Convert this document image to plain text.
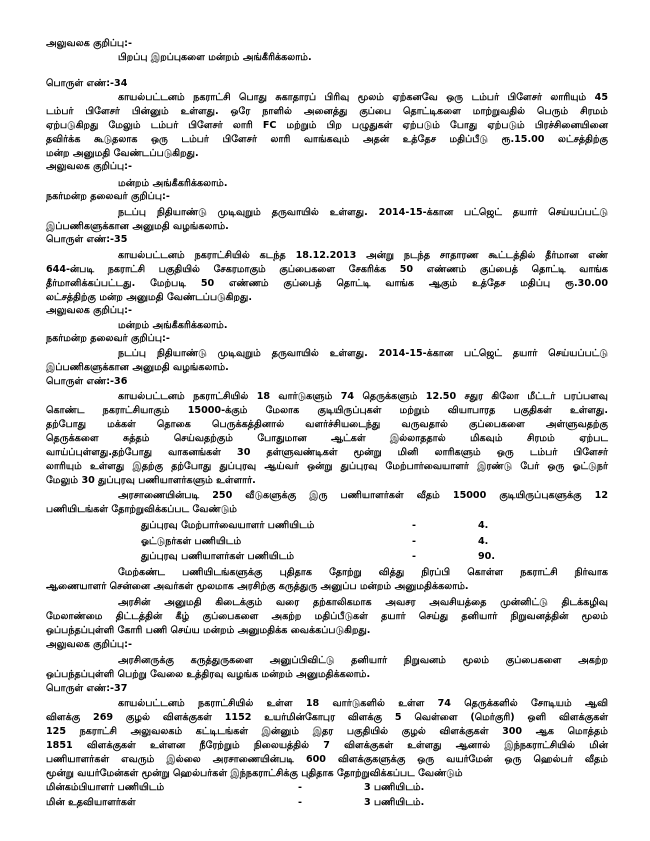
அலுவலக குறிப்பு:-
பிறப்பு இறப்புகளை மன்றம் அங்கீரிக்கலாம்.
பொருள் எண்:-34
காயல்பட்டனம் நகராட்சி பொது சுகாதாரப் பிரிவு மூலம் ஏற்கனவே ஒரு டம்பர் பிளேசர் லாரியும் 45
டம்பர் பிளேசர் பின்னும் உள்ளது. ஒரே நாளில் அனைத்து குப்பை தொட்டிகளை மாற்றுவதில் பெரும் சிரமம்
ஏற்படுகிறது மேலும் டம்பர் பிளேசர் லாரி FC மற்றும் பிற பழுதுகள் ஏற்படும் போது ஏற்படும் பிரச்சினையினை
தவிர்க்க கூடுதலாக ஒரு டம்பர் பிளேசர் லாரி வாங்கவும் அதன் உத்தேச மதிப்பீடு ரூ.15.00 லட்சத்திற்கு
மன்ற அனுமதி வேண்டப்படுகிறது.
அலுவலக குறிப்பு:-
மன்றம் அங்கீகரிக்கலாம்.
நகர்மன்ற தலைவர் குறிப்பு:-
நடப்பு நிதியாண்டு முடிவுறும் தருவாயில் உள்ளது. 2014-15-க்கான பட்ஜெட் தயார் செய்யப்பட்டு
இப்பணிகளுக்கான அனுமதி வழங்கலாம்.
பொருள் எண்:-35
காயல்பட்டனம் நகராட்சியில் கடந்த 18.12.2013 அன்று நடந்த சாதாரண கூட்டத்தில் தீர்மான எண்
644-ன்படி நகராட்சி பகுதியில் சேகரமாகும் குப்பைகளை சேகரிக்க 50 எண்ணம் குப்பைத் தொட்டி வாங்க
தீர்மானிக்கப்பட்டது. மேற்படி 50 எண்ணம் குப்பைத் தொட்டி வாங்க ஆகும் உத்தேச மதிப்பு ரூ.30.00
லட்சத்திற்கு மன்ற அனுமதி வேண்டப்படுகிறது.
அலுவலக குறிப்பு:-
மன்றம் அங்கீகரிக்கலாம்.
நகர்மன்ற தலைவர் குறிப்பு:-
நடப்பு நிதியாண்டு முடிவுறும் தருவாயில் உள்ளது. 2014-15-க்கான பட்ஜெட் தயார் செய்யப்பட்டு
இப்பணிகளுக்கான அனுமதி வழங்கலாம்.
பொருள் எண்:-36
காயல்பட்டனம் நகராட்சியில் 18 வார்டுகளும் 74 தெருக்களும் 12.50 சதுர கிலோ மீட்டர் பரப்பளவு
கொண்ட நகராட்சியாகும் 15000-க்கும் மேலாக குடியிருப்புகள் மற்றும் வியாபாரத பகுதிகள் உள்ளது.
தற்போது மக்கள் தொகை பெருக்கத்தினால் வளர்ச்சியடைந்து வருவதால் குப்பைகளை அள்ளுவதற்கு
தெருக்களை சுத்தம் செய்வதற்கும் போதுமான ஆட்கள் இல்லாததால் மிகவும் சிரமம் ஏற்பட
வாய்ப்புள்ளது.தற்போது வாகனங்கள் 30 தள்ளுவண்டிகள் மூன்று மினி லாரிகளும் ஒரு டம்பர் பிளேசர்
லாரியும் உள்ளது இதற்கு தற்போது துப்புரவு ஆய்வர் ஒன்று துப்புரவு மேற்பார்வையாளர் இரண்டு பேர் ஒரு ஓட்டுநர்
மேலும் 30 துப்புரவு பணியாளர்களும் உள்ளார்.
அரசாணையின்படி 250 வீடுகளுக்கு இரு பணியாளர்கள் வீதம் 15000 குடியிருப்புகளுக்கு 12
பணியிடங்கள் தோற்றுவிக்கப்பட வேண்டும்
துப்புரவு மேற்பார்வையாளர் பணியிடம்	-	4.
ஓட்டுநர்கள் பணியிடம்	-	4.
துப்புரவு பணியாளர்கள் பணியிடம்	-	90.
மேற்கண்ட பணியிடங்களுக்கு புதிதாக தோற்று வித்து நிரப்பி கொள்ள நகராட்சி நிர்வாக
ஆணையாளர் சென்னை அவர்கள் மூலமாக அரசிற்கு கருத்துரு அனுப்ப மன்றம் அனுமதிக்கலாம்.
அரசின் அனுமதி கிடைக்கும் வரை தற்காலிகமாக அவசர அவசியத்தை முன்னிட்டு திடக்கழிவு
மேலாண்மை திட்டத்தின் கீழ் குப்பைகளை அகற்ற மதிப்பீடுகள் தயார் செய்து தனியார் நிறுவனத்தின் மூலம்
ஒப்பந்தப்புள்ளி கோரி பணி செய்ய மன்றம் அனுமதிக்க வைக்கப்படுகிறது.
அலுவலக குறிப்பு:-
அரசினருக்கு கருத்துருகளை அனுப்பிவிட்டு தனியார் நிறுவனம் மூலம் குப்பைகளை அகற்ற
ஒப்பந்தப்புள்ளி பெற்று வேலை உத்திரவு வழங்க மன்றம் அனுமதிக்கலாம்.
பொருள் எண்:-37
காயல்பட்டனம் நகராட்சியில் உள்ள 18 வார்டுகளில் உள்ள 74 தெருக்களில் சோடியம் ஆவி
விளக்கு 269 குழல் விளக்குகள் 1152 உயர்மின்கோபுர விளக்கு 5 வெள்ளை (மெர்குரி) ஒளி விளக்குகள்
125 நகராட்சி அலுவலகம் கட்டிடங்கள் இன்னும் இதர பகுதியில் குழல் விளக்குகள் 300 ஆக மொத்தம்
1851 விளக்குகள் உள்ளன நீரேற்றும் நிலையத்தில் 7 விளக்குகள் உள்ளது ஆனால் இந்நகராட்சியில் மின்
பணியாளர்கள் எவரும் இல்லை அரசாணையின்படி 600 விளக்குகளுக்கு ஒரு வயர்மேன் ஒரு ஹெல்பர் வீதம்
மூன்று வயர்மேன்கள் மூன்று ஹெல்பர்கள் இந்நகராட்சிக்கு புதிதாக தோற்றுவிக்கப்பட வேண்டும்
மின்கம்பியாளர் பணியிடம்	-	3 பணியிடம்.
மின் உதவியாளர்கள்	-	3 பணியிடம்.
